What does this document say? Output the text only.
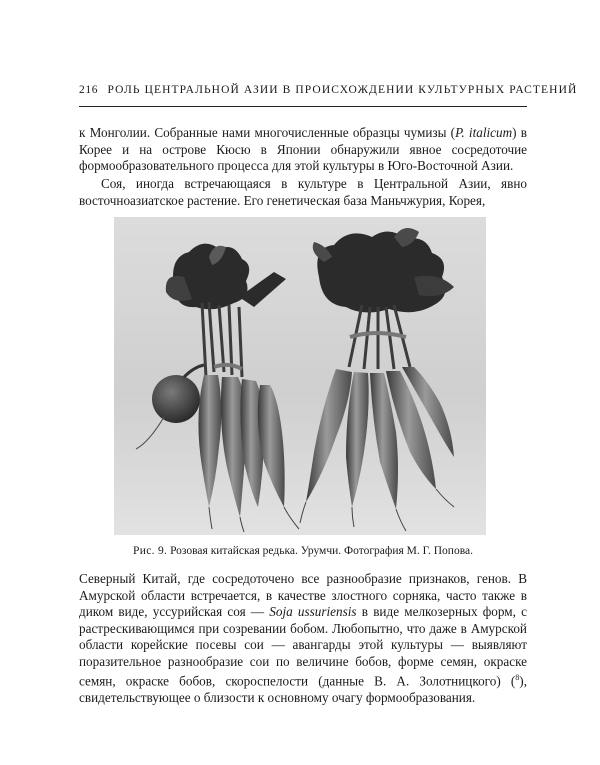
216 РОЛЬ ЦЕНТРАЛЬНОЙ АЗИИ В ПРОИСХОЖДЕНИИ КУЛЬТУРНЫХ РАСТЕНИЙ

к Монголии. Собранные нами многочисленные образцы чумизы (P. italicum) в Корее и на острове Кюсю в Японии обнаружили явное сосредоточие формообразовательного процесса для этой культуры в Юго-Восточной Азии.

Соя, иногда встречающаяся в культуре в Центральной Азии, явно восточноазиатское растение. Его генетическая база Маньчжурия, Корея,

Рис. 9. Розовая китайская редька. Урумчи. Фотография М. Г. Попова.

Северный Китай, где сосредоточено все разнообразие признаков, генов. В Амурской области встречается, в качестве злостного сорняка, часто также в диком виде, уссурийская соя — Soja ussuriensis в виде мелкозерных форм, с растрескивающимся при созревании бобом. Любопытно, что даже в Амурской области корейские посевы сои — авангарды этой культуры — выявляют поразительное разнообразие сои по величине бобов, форме семян, окраске семян, окраске бобов, скороспелости (данные В. А. Золотницкого) ($^8$), свидетельствующее о близости к основному очагу формообразования.
